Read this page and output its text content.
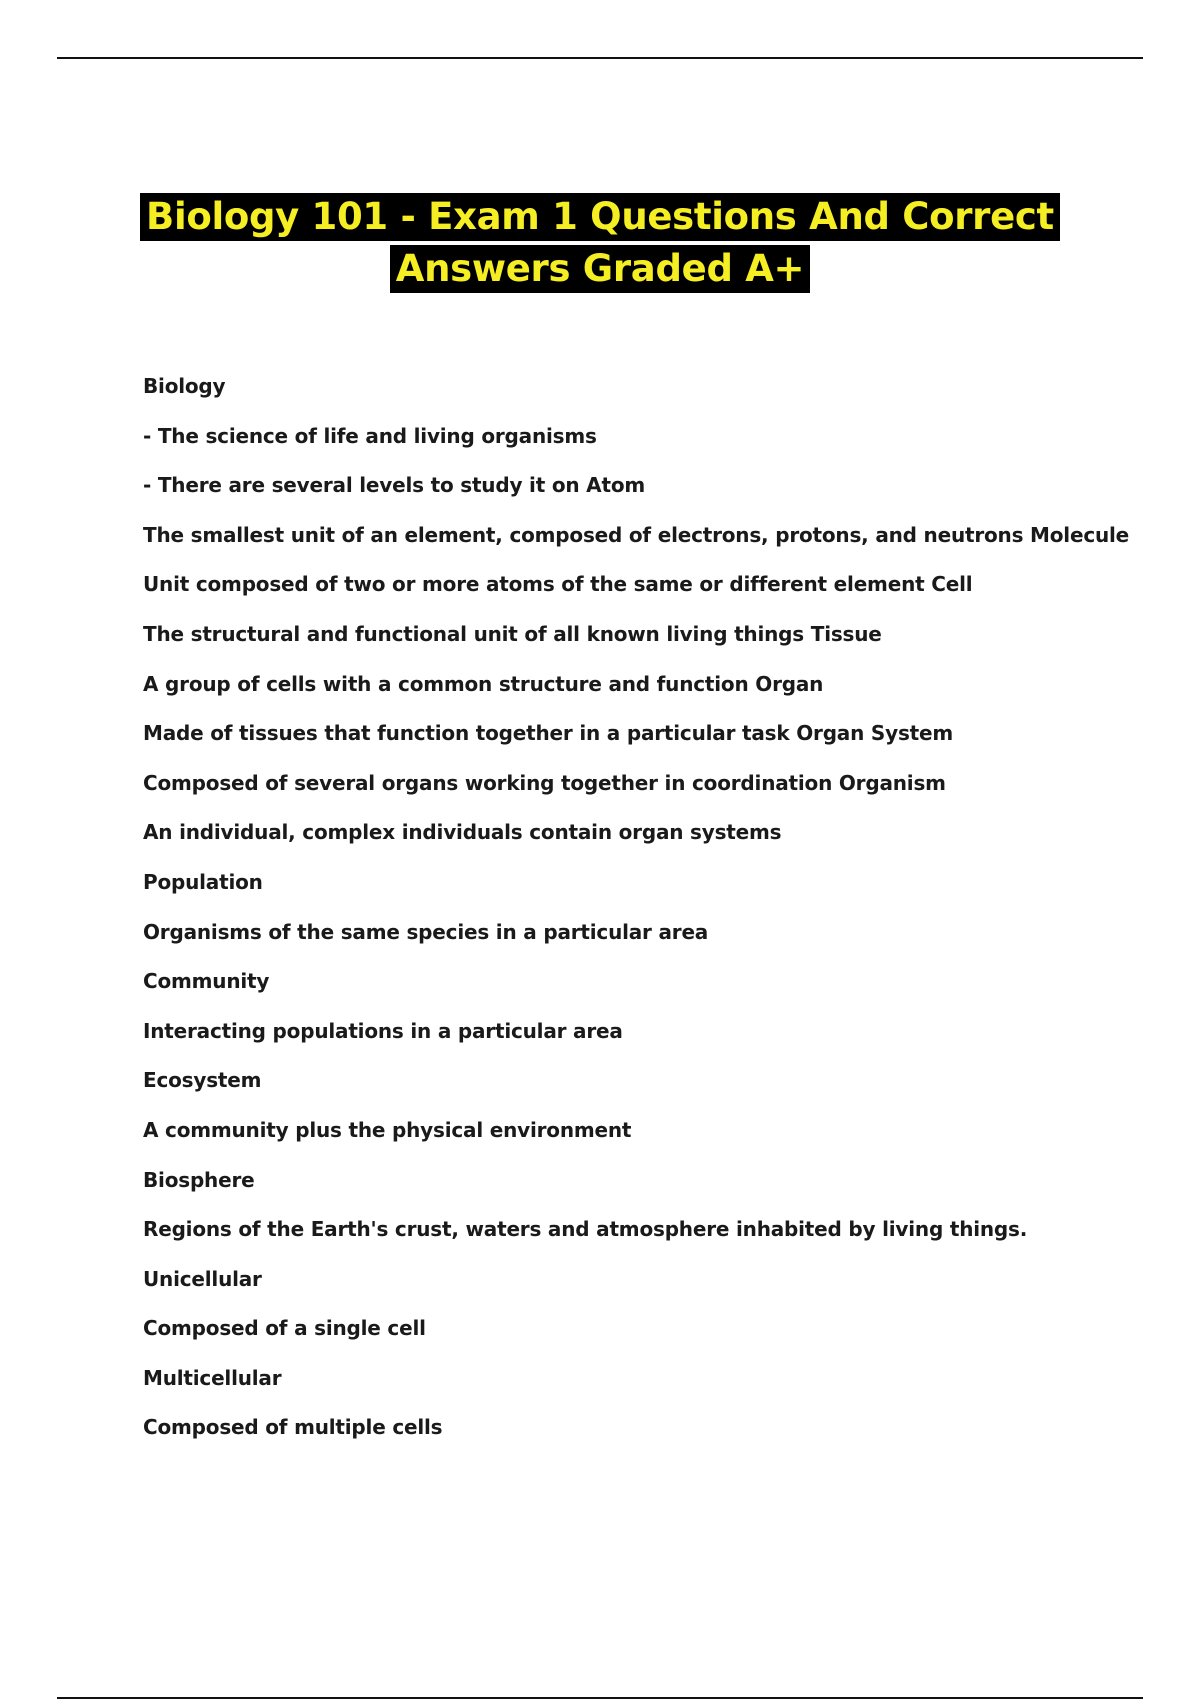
Biology 101 - Exam 1 Questions And Correct
Answers Graded A+
Biology
- The science of life and living organisms
- There are several levels to study it on Atom
The smallest unit of an element, composed of electrons, protons, and neutrons Molecule
Unit composed of two or more atoms of the same or different element Cell
The structural and functional unit of all known living things Tissue
A group of cells with a common structure and function Organ
Made of tissues that function together in a particular task Organ System
Composed of several organs working together in coordination Organism
An individual, complex individuals contain organ systems
Population
Organisms of the same species in a particular area
Community
Interacting populations in a particular area
Ecosystem
A community plus the physical environment
Biosphere
Regions of the Earth's crust, waters and atmosphere inhabited by living things.
Unicellular
Composed of a single cell
Multicellular
Composed of multiple cells
